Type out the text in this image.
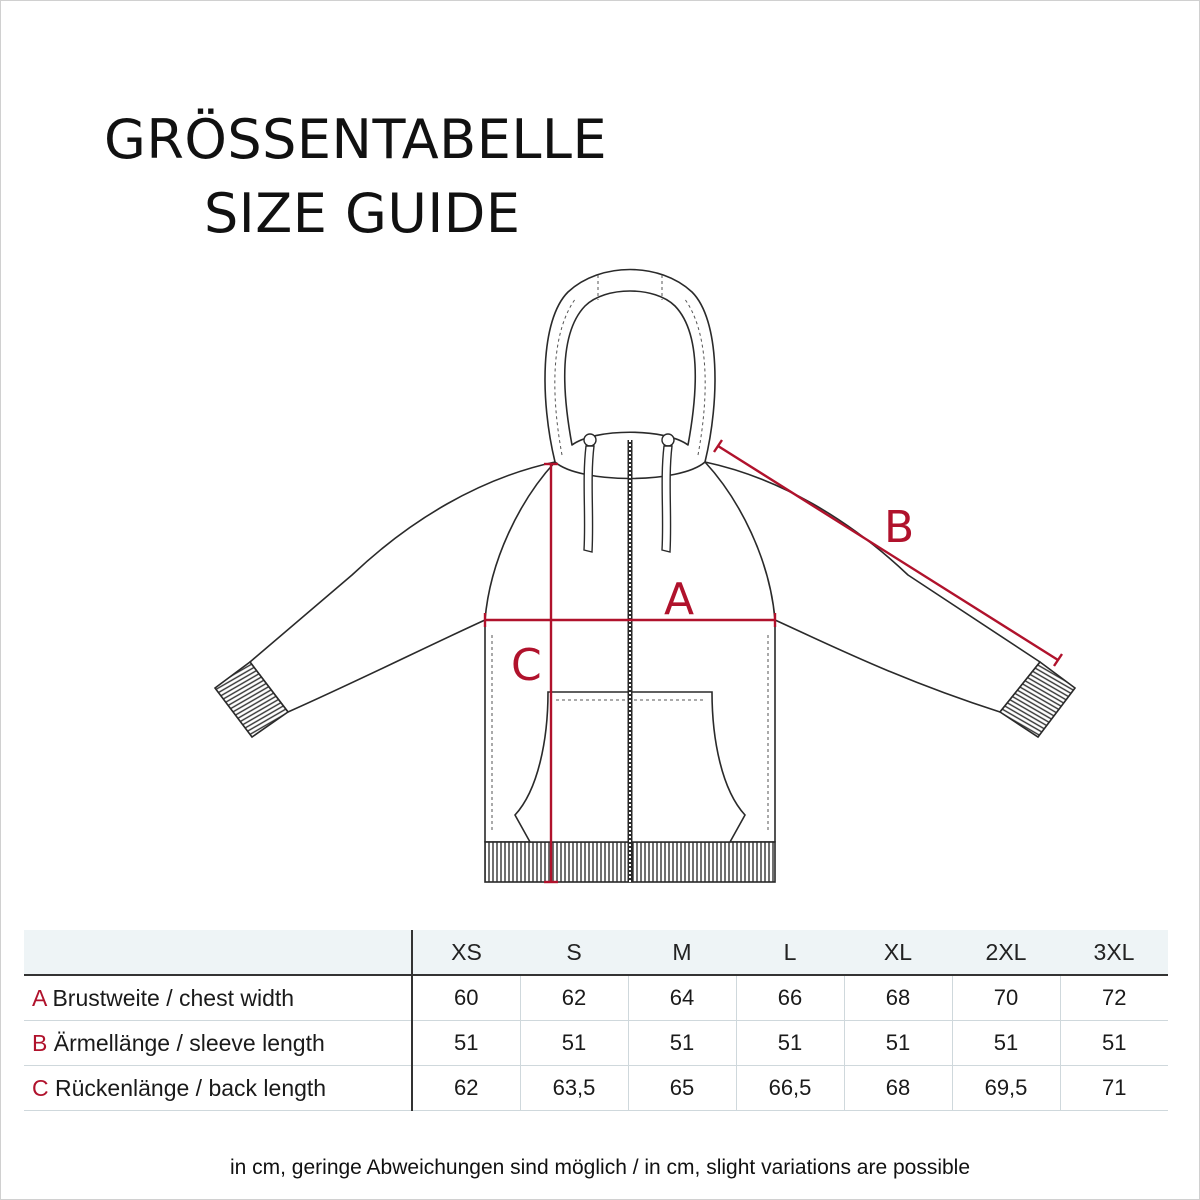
GRÖSSENTABELLE
SIZE GUIDE
A
B
C
	XS	S	M	L	XL	2XL	3XL
A Brustweite / chest width	60	62	64	66	68	70	72
B Ärmellänge / sleeve length	51	51	51	51	51	51	51
C Rückenlänge / back length	62	63,5	65	66,5	68	69,5	71
in cm, geringe Abweichungen sind möglich / in cm, slight variations are possible
